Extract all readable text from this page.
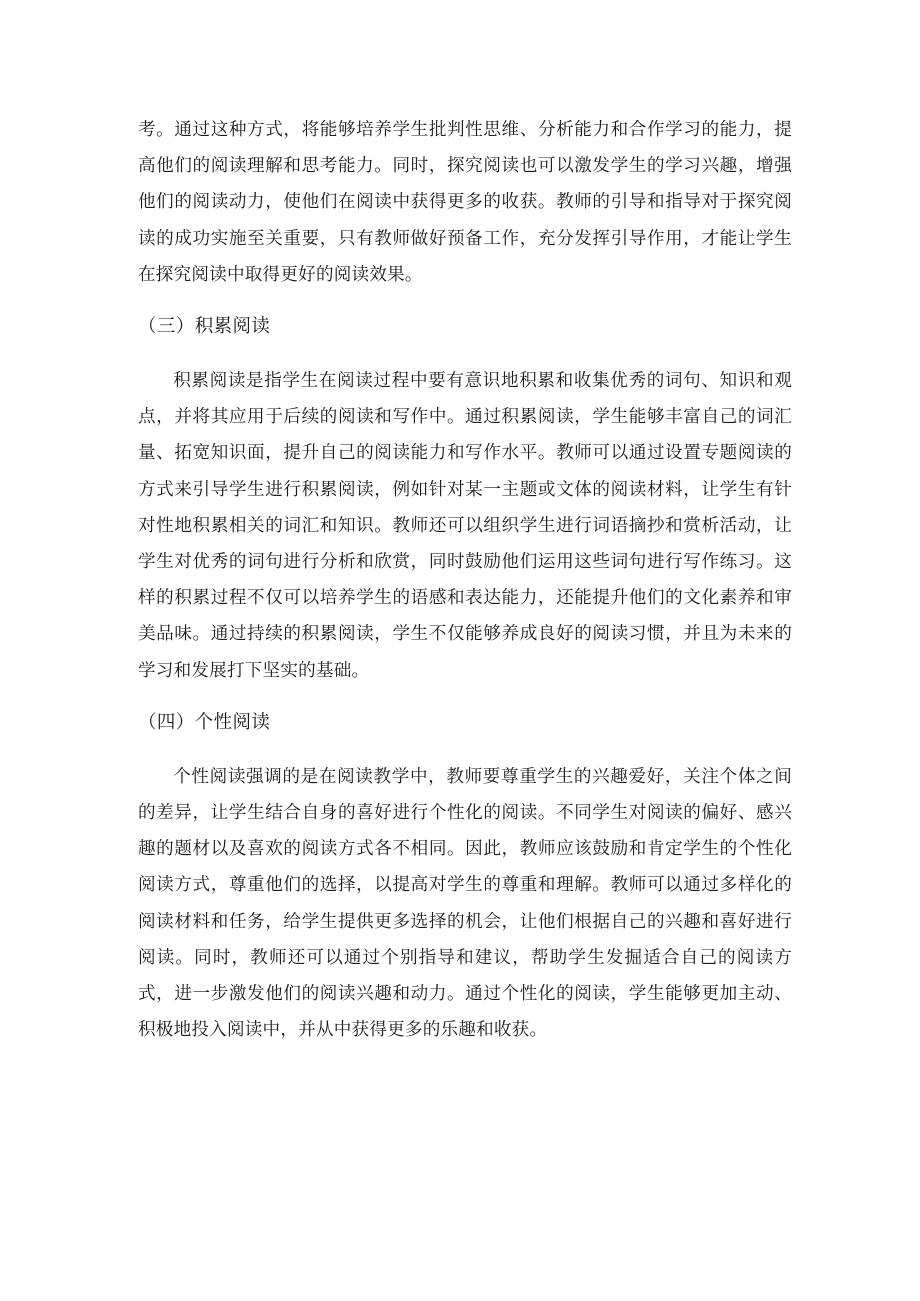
考。通过这种方式，将能够培养学生批判性思维、分析能力和合作学习的能力，提高他们的阅读理解和思考能力。同时，探究阅读也可以激发学生的学习兴趣，增强他们的阅读动力，使他们在阅读中获得更多的收获。教师的引导和指导对于探究阅读的成功实施至关重要，只有教师做好预备工作，充分发挥引导作用，才能让学生在探究阅读中取得更好的阅读效果。

（三）积累阅读

积累阅读是指学生在阅读过程中要有意识地积累和收集优秀的词句、知识和观点，并将其应用于后续的阅读和写作中。通过积累阅读，学生能够丰富自己的词汇量、拓宽知识面，提升自己的阅读能力和写作水平。教师可以通过设置专题阅读的方式来引导学生进行积累阅读，例如针对某一主题或文体的阅读材料，让学生有针对性地积累相关的词汇和知识。教师还可以组织学生进行词语摘抄和赏析活动，让学生对优秀的词句进行分析和欣赏，同时鼓励他们运用这些词句进行写作练习。这样的积累过程不仅可以培养学生的语感和表达能力，还能提升他们的文化素养和审美品味。通过持续的积累阅读，学生不仅能够养成良好的阅读习惯，并且为未来的学习和发展打下坚实的基础。

（四）个性阅读

个性阅读强调的是在阅读教学中，教师要尊重学生的兴趣爱好，关注个体之间的差异，让学生结合自身的喜好进行个性化的阅读。不同学生对阅读的偏好、感兴趣的题材以及喜欢的阅读方式各不相同。因此，教师应该鼓励和肯定学生的个性化阅读方式，尊重他们的选择，以提高对学生的尊重和理解。教师可以通过多样化的阅读材料和任务，给学生提供更多选择的机会，让他们根据自己的兴趣和喜好进行阅读。同时，教师还可以通过个别指导和建议，帮助学生发掘适合自己的阅读方式，进一步激发他们的阅读兴趣和动力。通过个性化的阅读，学生能够更加主动、积极地投入阅读中，并从中获得更多的乐趣和收获。
